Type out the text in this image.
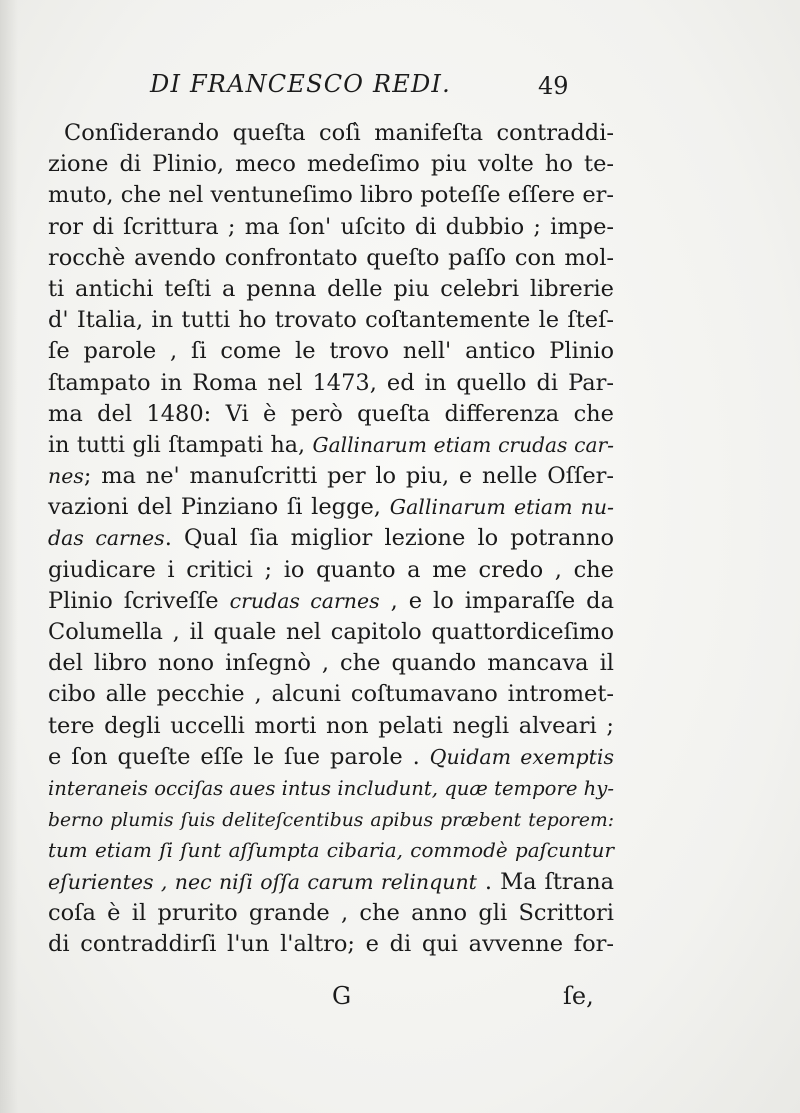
DI FRANCESCO REDI.	49
Conſiderando queſta coſì manifeſta contraddi-
zione di Plinio, meco medeſimo piu volte ho te-
muto, che nel ventuneſimo libro poteſſe eſſere er-
ror di ſcrittura ; ma ſon' uſcito di dubbio ; impe-
rocchè avendo confrontato queſto paſſo con mol-
ti antichi teſti a penna delle piu celebri librerie
d' Italia, in tutti ho trovato coſtantemente le ſteſ-
ſe parole , ſi come le trovo nell' antico Plinio
ſtampato in Roma nel 1473, ed in quello di Par-
ma del 1480: Vi è però queſta differenza che
in tutti gli ſtampati ha, Gallinarum etiam crudas car-
nes; ma ne' manuſcritti per lo piu, e nelle Oſſer-
vazioni del Pinziano ſi legge, Gallinarum etiam nu-
das carnes. Qual ſia miglior lezione lo potranno
giudicare i critici ; io quanto a me credo , che
Plinio ſcriveſſe crudas carnes , e lo imparaſſe da
Columella , il quale nel capitolo quattordiceſimo
del libro nono inſegnò , che quando mancava il
cibo alle pecchie , alcuni coſtumavano intromet-
tere degli uccelli morti non pelati negli alveari ;
e ſon queſte eſſe le ſue parole . Quidam exemptis
interaneis occiſas aues intus includunt, quæ tempore hy-
berno plumis ſuis deliteſcentibus apibus præbent teporem:
tum etiam ſi ſunt aſſumpta cibaria, commodè paſcuntur
eſurientes , nec niſi oſſa carum relinqunt . Ma ſtrana
coſa è il prurito grande , che anno gli Scrittori
di contraddirſi l'un l'altro; e di qui avvenne for-
G	ſe,
